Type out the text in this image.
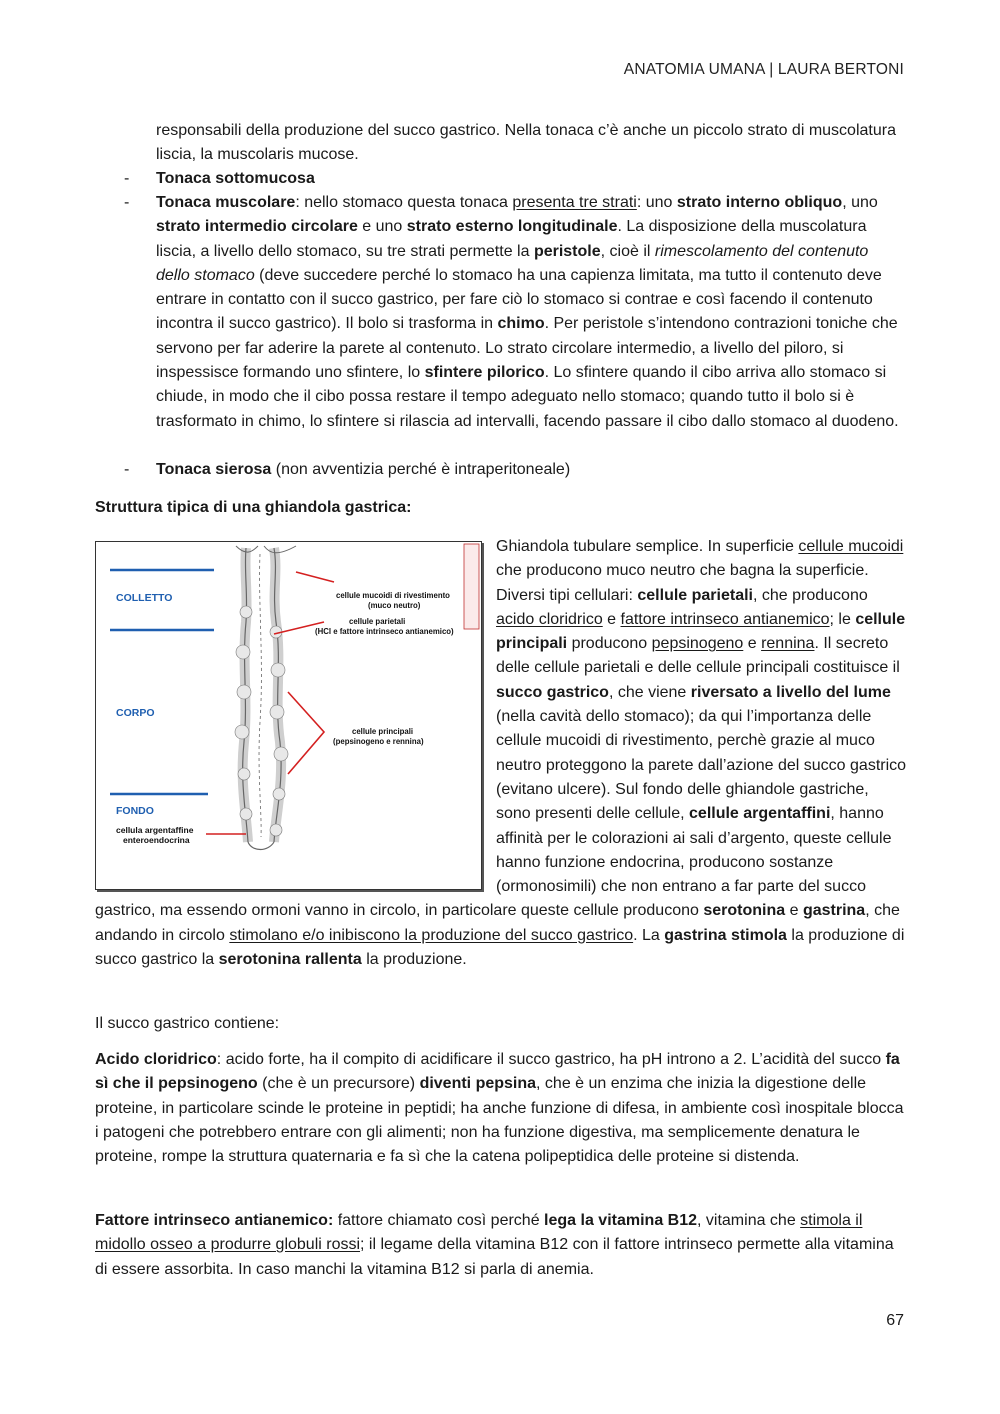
ANATOMIA UMANA | LAURA BERTONI
responsabili della produzione del succo gastrico. Nella tonaca c’è anche un piccolo strato di muscolatura liscia, la muscolaris mucose.
- Tonaca sottomucosa
- Tonaca muscolare: nello stomaco questa tonaca presenta tre strati: uno strato interno obliquo, uno strato intermedio circolare e uno strato esterno longitudinale. La disposizione della muscolatura liscia, a livello dello stomaco, su tre strati permette la peristole, cioè il rimescolamento del contenuto dello stomaco (deve succedere perché lo stomaco ha una capienza limitata, ma tutto il contenuto deve entrare in contatto con il succo gastrico, per fare ciò lo stomaco si contrae e così facendo il contenuto incontra il succo gastrico). Il bolo si trasforma in chimo. Per peristole s’intendono contrazioni toniche che servono per far aderire la parete al contenuto. Lo strato circolare intermedio, a livello del piloro, si inspessisce formando uno sfintere, lo sfintere pilorico. Lo sfintere quando il cibo arriva allo stomaco si chiude, in modo che il cibo possa restare il tempo adeguato nello stomaco; quando tutto il bolo si è trasformato in chimo, lo sfintere si rilascia ad intervalli, facendo passare il cibo dallo stomaco al duodeno.
- Tonaca sierosa (non avventizia perché è intraperitoneale)

Struttura tipica di una ghiandola gastrica:

COLLETTO
CORPO
FONDO
cellula argentaffine
enteroendocrina
cellule mucoidi di rivestimento
(muco neutro)
cellule parietali
(HCl e fattore intrinseco antianemico)
cellule principali
(pepsinogeno e rennina)

Ghiandola tubulare semplice. In superficie cellule mucoidi che producono muco neutro che bagna la superficie. Diversi tipi cellulari: cellule parietali, che producono acido cloridrico e fattore intrinseco antianemico; le cellule principali producono pepsinogeno e rennina. Il secreto delle cellule parietali e delle cellule principali costituisce il succo gastrico, che viene riversato a livello del lume (nella cavità dello stomaco); da qui l’importanza delle cellule mucoidi di rivestimento, perchè grazie al muco neutro proteggono la parete dall’azione del succo gastrico (evitano ulcere). Sul fondo delle ghiandole gastriche, sono presenti delle cellule, cellule argentaffini, hanno affinità per le colorazioni ai sali d’argento, queste cellule hanno funzione endocrina, producono sostanze (ormonosimili) che non entrano a far parte del succo gastrico, ma essendo ormoni vanno in circolo, in particolare queste cellule producono serotonina e gastrina, che andando in circolo stimolano e/o inibiscono la produzione del succo gastrico. La gastrina stimola la produzione di succo gastrico la serotonina rallenta la produzione.

Il succo gastrico contiene:

Acido cloridrico: acido forte, ha il compito di acidificare il succo gastrico, ha pH introno a 2. L’acidità del succo fa sì che il pepsinogeno (che è un precursore) diventi pepsina, che è un enzima che inizia la digestione delle proteine, in particolare scinde le proteine in peptidi; ha anche funzione di difesa, in ambiente così inospitale blocca i patogeni che potrebbero entrare con gli alimenti; non ha funzione digestiva, ma semplicemente denatura le proteine, rompe la struttura quaternaria e fa sì che la catena polipeptidica delle proteine si distenda.

Fattore intrinseco antianemico: fattore chiamato così perché lega la vitamina B12, vitamina che stimola il midollo osseo a produrre globuli rossi; il legame della vitamina B12 con il fattore intrinseco permette alla vitamina di essere assorbita. In caso manchi la vitamina B12 si parla di anemia.

67
